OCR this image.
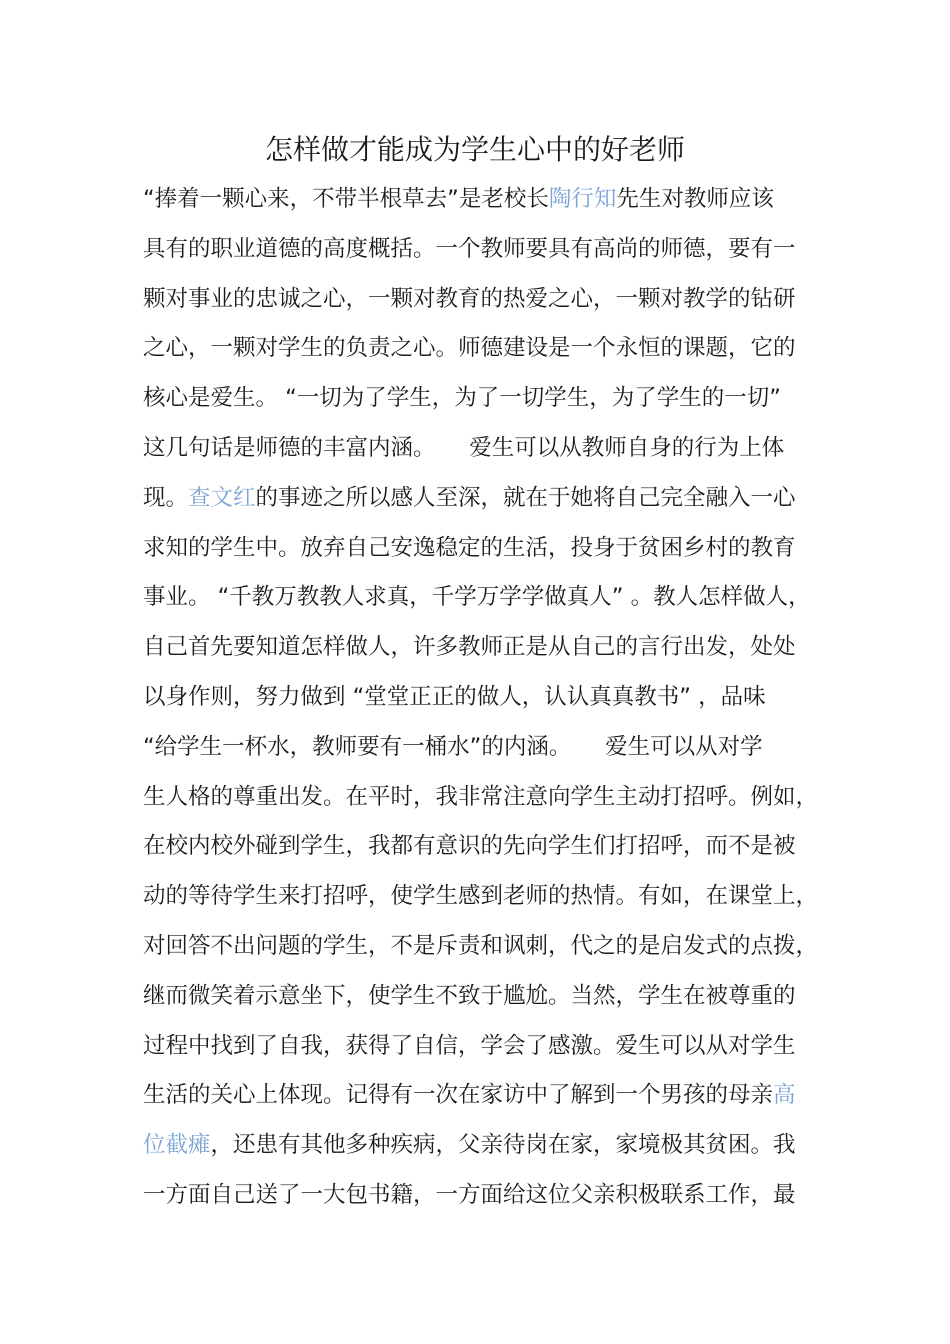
怎样做才能成为学生心中的好老师
“捧着一颗心来，不带半根草去”是老校长陶行知先生对教师应该
具有的职业道德的高度概括。一个教师要具有高尚的师德，要有一
颗对事业的忠诚之心，一颗对教育的热爱之心，一颗对教学的钻研
之心，一颗对学生的负责之心。师德建设是一个永恒的课题，它的
核心是爱生。 “一切为了学生，为了一切学生，为了学生的一切”
这几句话是师德的丰富内涵。　　爱生可以从教师自身的行为上体
现。查文红的事迹之所以感人至深，就在于她将自己完全融入一心
求知的学生中。放弃自己安逸稳定的生活，投身于贫困乡村的教育
事业。 “千教万教教人求真，千学万学学做真人” 。教人怎样做人，
自己首先要知道怎样做人，许多教师正是从自己的言行出发，处处
以身作则，努力做到 “堂堂正正的做人，认认真真教书” ，品味
“给学生一杯水，教师要有一桶水”的内涵。　　爱生可以从对学
生人格的尊重出发。在平时，我非常注意向学生主动打招呼。例如，
在校内校外碰到学生，我都有意识的先向学生们打招呼，而不是被
动的等待学生来打招呼，使学生感到老师的热情。有如，在课堂上，
对回答不出问题的学生，不是斥责和讽刺，代之的是启发式的点拨，
继而微笑着示意坐下，使学生不致于尴尬。当然，学生在被尊重的
过程中找到了自我，获得了自信，学会了感激。爱生可以从对学生
生活的关心上体现。记得有一次在家访中了解到一个男孩的母亲高
位截瘫，还患有其他多种疾病，父亲待岗在家，家境极其贫困。我
一方面自己送了一大包书籍，一方面给这位父亲积极联系工作，最
